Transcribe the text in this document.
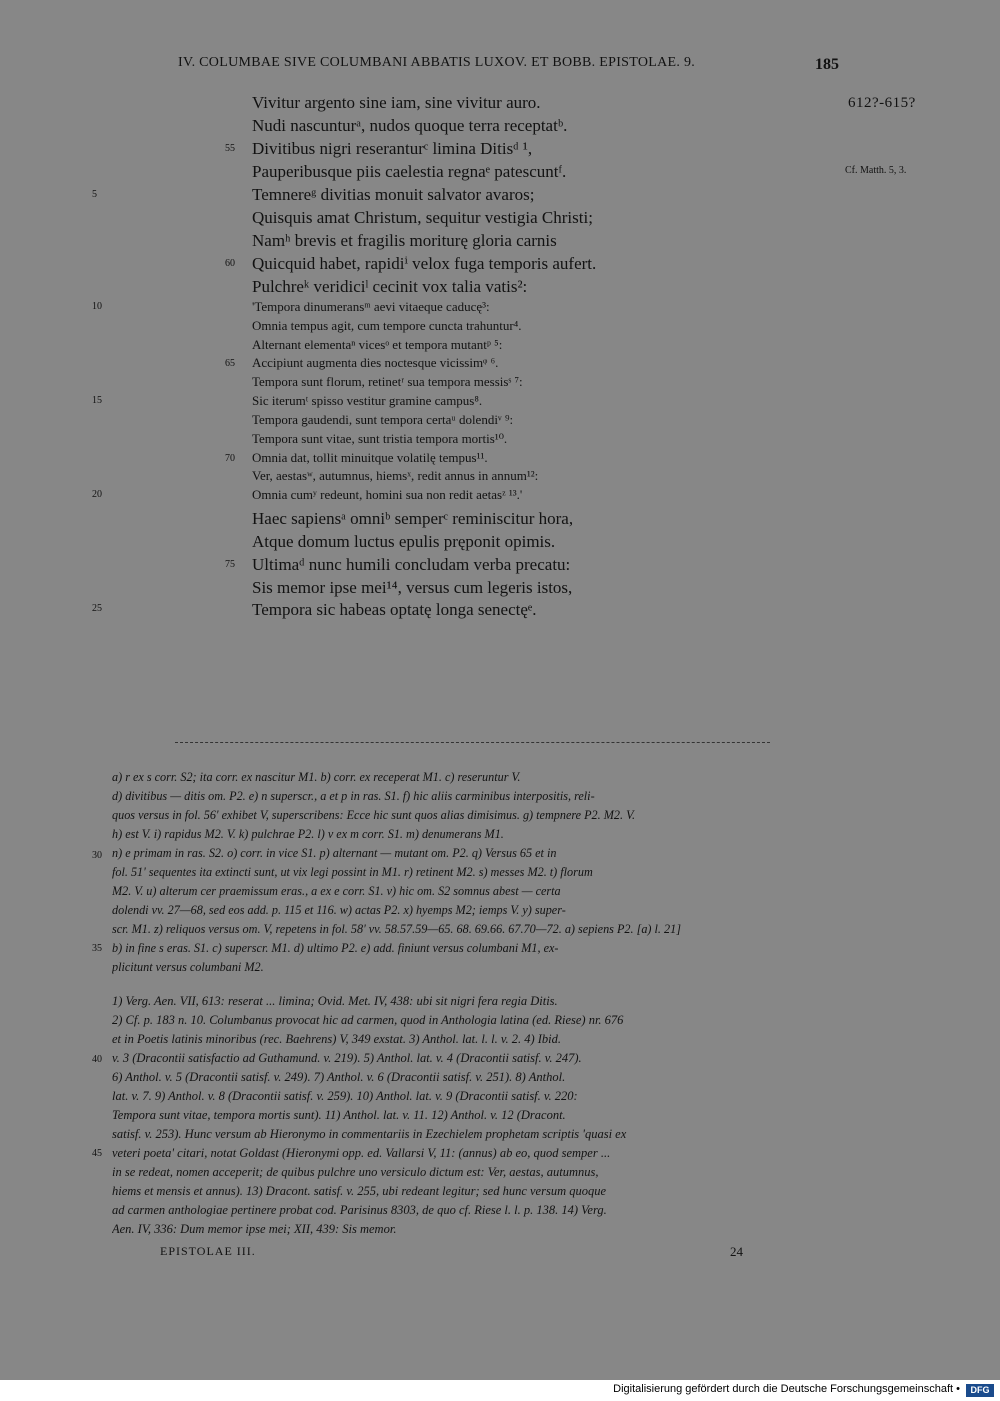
IV. COLUMBAE SIVE COLUMBANI ABBATIS LUXOV. ET BOBB. EPISTOLAE. 9.	185
612?-615?
Cf. Matth. 5, 3.
Vivitur argento sine iam, sine vivitur auro.
Nudi nascunturᵃ, nudos quoque terra receptatᵇ.
Divitibus nigri reseranturᶜ limina Ditisᵈ ¹,
Pauperibusque piis caelestia regnaᵉ patescuntᶠ.
Temnereᵍ divitias monuit salvator avaros;
Quisquis amat Christum, sequitur vestigia Christi;
Namʰ brevis et fragilis moriturę gloria carnis
Quicquid habet, rapidiⁱ velox fuga temporis aufert.
Pulchreᵏ veridiciˡ cecinit vox talia vatis²:
'Tempora dinumeransᵐ aevi vitaeque caducę³:
Omnia tempus agit, cum tempore cuncta trahuntur⁴.
Alternant elementaⁿ vicesᵒ et tempora mutantᵖ ⁵:
Accipiunt augmenta dies noctesque vicissimᵠ ⁶.
Tempora sunt florum, retinetʳ sua tempora messisˢ ⁷:
Sic iterumᵗ spisso vestitur gramine campus⁸.
Tempora gaudendi, sunt tempora certaᵘ dolendiᵛ ⁹:
Tempora sunt vitae, sunt tristia tempora mortis¹⁰.
Omnia dat, tollit minuitque volatilę tempus¹¹.
Ver, aestasʷ, autumnus, hiemsˣ, redit annus in annum¹²:
Omnia cumʸ redeunt, homini sua non redit aetasᶻ ¹³.'
Haec sapiensᵃ omniᵇ semperᶜ reminiscitur hora,
Atque domum luctus epulis pręponit opimis.
Ultimaᵈ nunc humili concludam verba precatu:
Sis memor ipse mei¹⁴, versus cum legeris istos,
Tempora sic habeas optatę longa senectęᵉ.
55
60
65
70
75
5
10
15
20
25
30
35
40
45
a) r ex s corr. S2; ita corr. ex nascitur M1. b) corr. ex receperat M1. c) reseruntur V.
d) divitibus — ditis om. P2. e) n superscr., a et p in ras. S1. f) hic aliis carminibus interpositis, reli-
quos versus in fol. 56' exhibet V, superscribens: Ecce hic sunt quos alias dimisimus. g) tempnere P2. M2. V.
h) est V. i) rapidus M2. V. k) pulchrae P2. l) v ex m corr. S1. m) denumerans M1.
n) e primam in ras. S2. o) corr. in vice S1. p) alternant — mutant om. P2. q) Versus 65 et in
fol. 51' sequentes ita extincti sunt, ut vix legi possint in M1. r) retinent M2. s) messes M2. t) florum
M2. V. u) alterum cer praemissum eras., a ex e corr. S1. v) hic om. S2 somnus abest — certa
dolendi vv. 27—68, sed eos add. p. 115 et 116. w) actas P2. x) hyemps M2; iemps V. y) super-
scr. M1. z) reliquos versus om. V, repetens in fol. 58' vv. 58.57.59—65. 68. 69.66. 67.70—72. a) sepiens P2. [a) l. 21]
b) in fine s eras. S1. c) superscr. M1. d) ultimo P2. e) add. finiunt versus columbani M1, ex-
plicitunt versus columbani M2.
1) Verg. Aen. VII, 613: reserat ... limina; Ovid. Met. IV, 438: ubi sit nigri fera regia Ditis.
2) Cf. p. 183 n. 10. Columbanus provocat hic ad carmen, quod in Anthologia latina (ed. Riese) nr. 676
et in Poetis latinis minoribus (rec. Baehrens) V, 349 exstat. 3) Anthol. lat. l. l. v. 2. 4) Ibid.
v. 3 (Dracontii satisfactio ad Guthamund. v. 219). 5) Anthol. lat. v. 4 (Dracontii satisf. v. 247).
6) Anthol. v. 5 (Dracontii satisf. v. 249). 7) Anthol. v. 6 (Dracontii satisf. v. 251). 8) Anthol.
lat. v. 7. 9) Anthol. v. 8 (Dracontii satisf. v. 259). 10) Anthol. lat. v. 9 (Dracontii satisf. v. 220:
Tempora sunt vitae, tempora mortis sunt). 11) Anthol. lat. v. 11. 12) Anthol. v. 12 (Dracont.
satisf. v. 253). Hunc versum ab Hieronymo in commentariis in Ezechielem prophetam scriptis 'quasi ex
veteri poeta' citari, notat Goldast (Hieronymi opp. ed. Vallarsi V, 11: (annus) ab eo, quod semper ...
in se redeat, nomen acceperit; de quibus pulchre uno versiculo dictum est: Ver, aestas, autumnus,
hiems et mensis et annus). 13) Dracont. satisf. v. 255, ubi redeant legitur; sed hunc versum quoque
ad carmen anthologiae pertinere probat cod. Parisinus 8303, de quo cf. Riese l. l. p. 138. 14) Verg.
Aen. IV, 336: Dum memor ipse mei; XII, 439: Sis memor.
EPISTOLAE III.	24
Digitalisierung gefördert durch die Deutsche Forschungsgemeinschaft •	DFG
